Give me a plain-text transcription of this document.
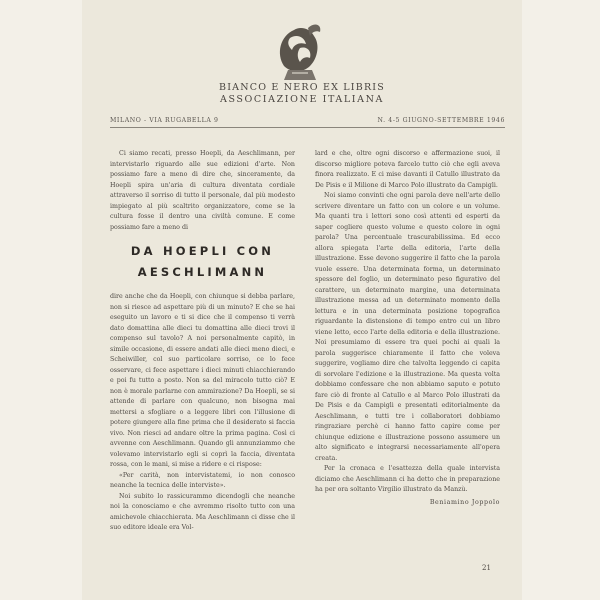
BIANCO E NERO EX LIBRIS
ASSOCIAZIONE ITALIANA
MILANO - VIA RUGABELLA 9	N. 4-5 GIUGNO-SETTEMBRE 1946

Ci siamo recati, presso Hoepli, da Aeschlimann, per intervistarlo riguardo alle sue edizioni d'arte. Non possiamo fare a meno di dire che, sinceramente, da Hoepli spira un'aria di cultura diventata cordiale attraverso il sorriso di tutto il personale, dal più modesto impiegato al più scaltrito organizzatore, come se la cultura fosse il dentro una civiltà comune. E come possiamo fare a meno di

DA HOEPLI CON
AESCHLIMANN

dire anche che da Hoepli, con chiunque si debba parlare, non si riesce ad aspettare più di un minuto? E che se hai eseguito un lavoro e ti si dice che il compenso ti verrà dato domattina alle dieci tu domattina alle dieci trovi il compenso sul tavolo? A noi personalmente capitò, in simile occasione, di essere andati alle dieci meno dieci, e Scheiwiller, col suo particolare sorriso, ce lo fece osservare, ci fece aspettare i dieci minuti chiacchierando e poi fu tutto a posto. Non sa del miracolo tutto ciò? E non è morale parlarne con ammirazione? Da Hoepli, se si attende di parlare con qualcuno, non bisogna mai mettersi a sfogliare o a leggere libri con l'illusione di potere giungere alla fine prima che il desiderato si faccia vivo. Non riesci ad andare oltre la prima pagina. Così ci avvenne con Aeschlimann. Quando gli annunziammo che volevamo intervistarlo egli si coprì la faccia, diventata rossa, con le mani, si mise a ridere e ci rispose:

«Per carità, non intervistatemi, io non conosco neanche la tecnica delle interviste».

Noi subito lo rassicurammo dicendogli che neanche noi la conosciamo e che avremmo risolto tutto con una amichevole chiacchierata. Ma Aeschlimann ci disse che il suo editore ideale era Vol-

lard e che, oltre ogni discorso e affermazione suoi, il discorso migliore poteva farcelo tutto ciò che egli aveva finora realizzato. E ci mise davanti il Catullo illustrato da De Pisis e il Milione di Marco Polo illustrato da Campigli.

Noi siamo convinti che ogni parola deve nell'arte dello scrivere diventare un fatto con un colore e un volume. Ma quanti tra i lettori sono così attenti ed esperti da saper cogliere questo volume e questo colore in ogni parola? Una percentuale trascurabilissima. Ed ecco allora spiegata l'arte della editoria, l'arte della illustrazione. Esse devono suggerire il fatto che la parola vuole essere. Una determinata forma, un determinato spessore del foglio, un determinato peso figurativo del carattere, un determinato margine, una determinata illustrazione messa ad un determinato momento della lettura e in una determinata posizione topografica riguardante la distensione di tempo entro cui un libro viene letto, ecco l'arte della editoria e della illustrazione. Noi presumiamo di essere tra quei pochi ai quali la parola suggerisce chiaramente il fatto che voleva suggerire, vogliamo dire che talvolta leggendo ci capita di sorvolare l'edizione e la illustrazione. Ma questa volta dobbiamo confessare che non abbiamo saputo e potuto fare ciò di fronte al Catullo e al Marco Polo illustrati da De Pisis e da Campigli e presentati editorialmente da Aeschlimann, e tutti tre i collaboratori dobbiamo ringraziare perchè ci hanno fatto capire come per chiunque edizione e illustrazione possono assumere un alto significato e integrarsi necessariamente all'opera creata.

Per la cronaca e l'esattezza della quale intervista diciamo che Aeschlimann ci ha detto che in preparazione ha per ora soltanto Virgilio illustrato da Manzù.

Beniamino Joppolo
21
